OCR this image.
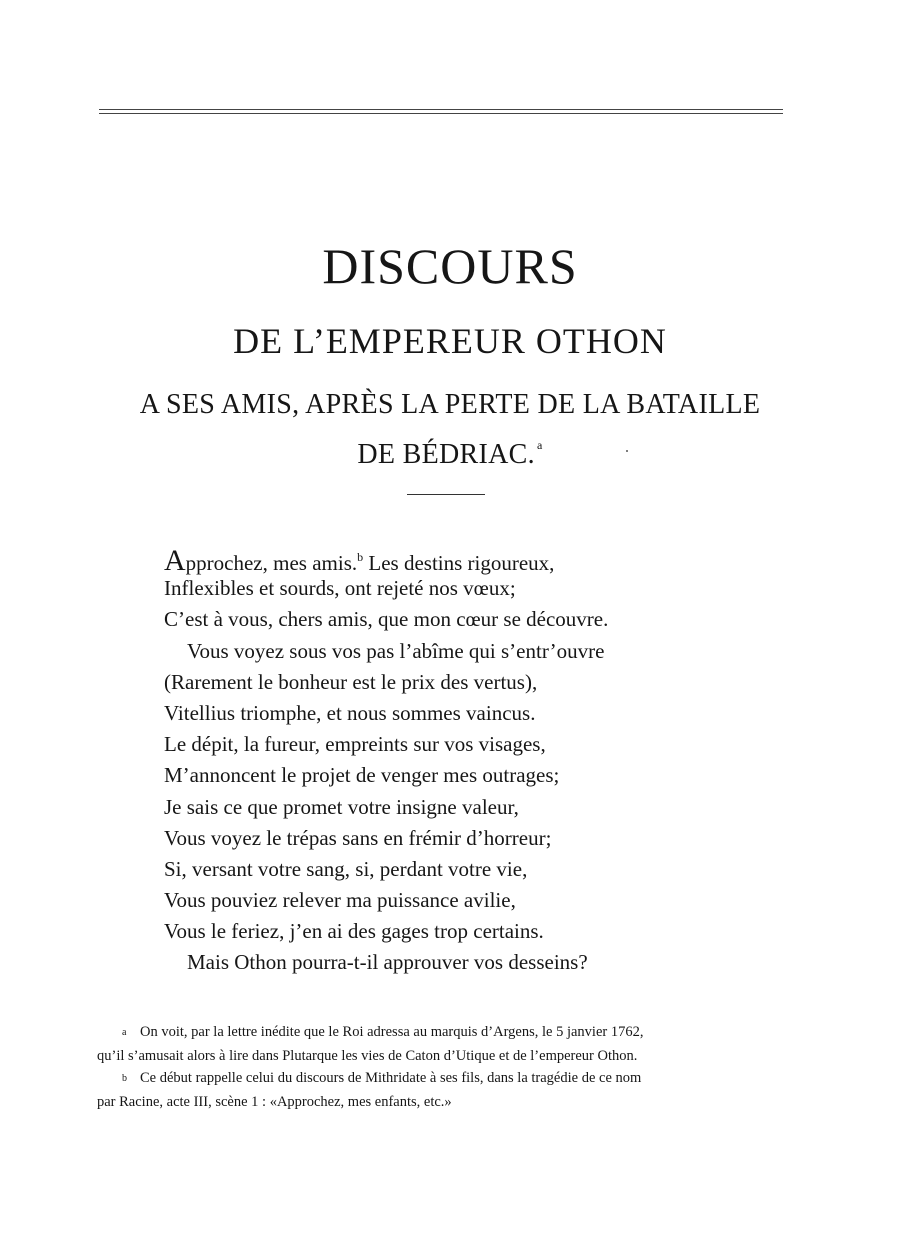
DISCOURS
DE L’EMPEREUR OTHON
A SES AMIS, APRÈS LA PERTE DE LA BATAILLE
DE BÉDRIAC. $^a$
Approchez, mes amis.$^b$ Les destins rigoureux,
Inflexibles et sourds, ont rejeté nos vœux;
C’est à vous, chers amis, que mon cœur se découvre.
Vous voyez sous vos pas l’abîme qui s’entr’ouvre
(Rarement le bonheur est le prix des vertus),
Vitellius triomphe, et nous sommes vaincus.
Le dépit, la fureur, empreints sur vos visages,
M’annoncent le projet de venger mes outrages;
Je sais ce que promet votre insigne valeur,
Vous voyez le trépas sans en frémir d’horreur;
Si, versant votre sang, si, perdant votre vie,
Vous pouviez relever ma puissance avilie,
Vous le feriez, j’en ai des gages trop certains.
Mais Othon pourra-t-il approuver vos desseins?
a On voit, par la lettre inédite que le Roi adressa au marquis d’Argens, le 5 janvier 1762,
qu’il s’amusait alors à lire dans Plutarque les vies de Caton d’Utique et de l’empereur Othon.
b Ce début rappelle celui du discours de Mithridate à ses fils, dans la tragédie de ce nom
par Racine, acte III, scène 1 : «Approchez, mes enfants, etc.»
